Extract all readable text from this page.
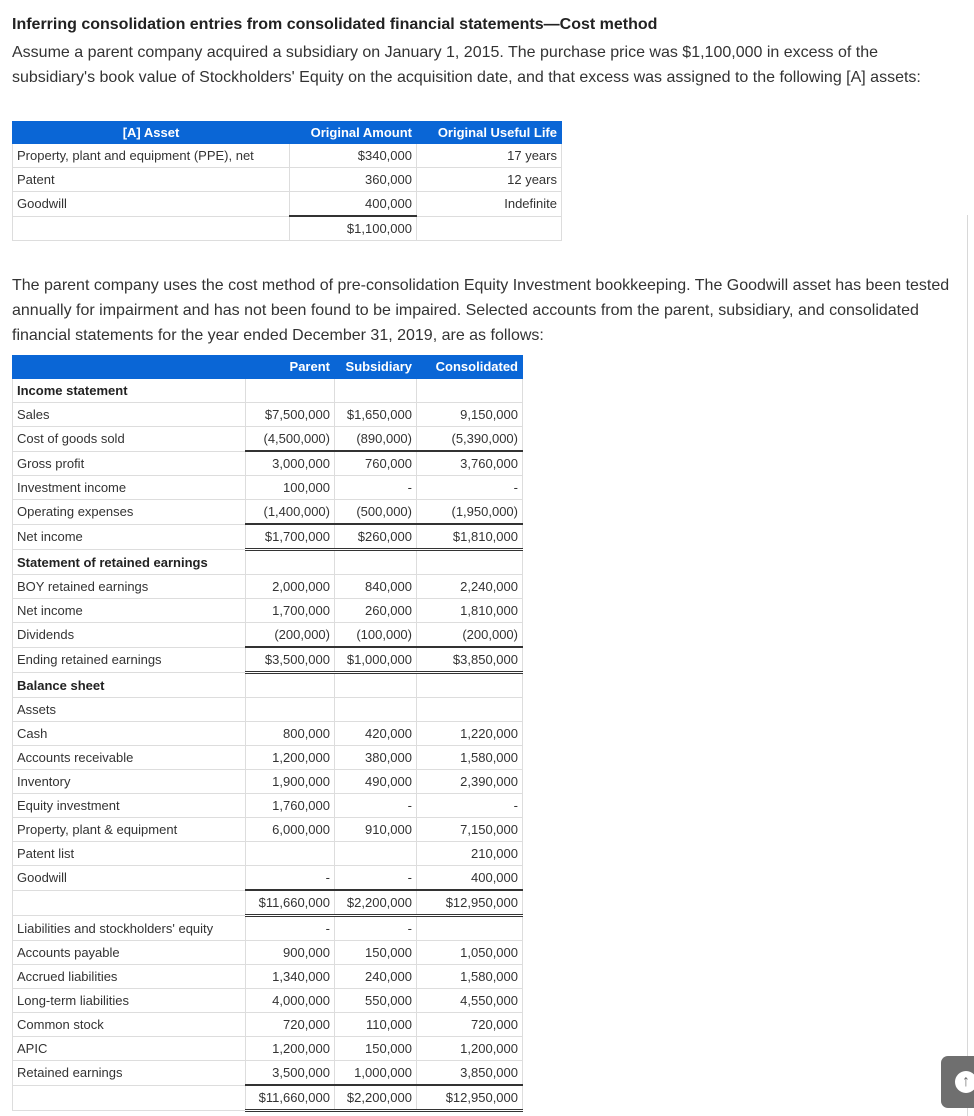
Inferring consolidation entries from consolidated financial statements—Cost method
Assume a parent company acquired a subsidiary on January 1, 2015. The purchase price was $1,100,000 in excess of the subsidiary's book value of Stockholders' Equity on the acquisition date, and that excess was assigned to the following [A] assets:
[A] Asset	Original Amount	Original Useful Life
Property, plant and equipment (PPE), net	$340,000	17 years
Patent	360,000	12 years
Goodwill	400,000	Indefinite
	$1,100,000	
The parent company uses the cost method of pre-consolidation Equity Investment bookkeeping. The Goodwill asset has been tested annually for impairment and has not been found to be impaired. Selected accounts from the parent, subsidiary, and consolidated financial statements for the year ended December 31, 2019, are as follows:
	Parent	Subsidiary	Consolidated
Income statement			
Sales	$7,500,000	$1,650,000	9,150,000
Cost of goods sold	(4,500,000)	(890,000)	(5,390,000)
Gross profit	3,000,000	760,000	3,760,000
Investment income	100,000	-	-
Operating expenses	(1,400,000)	(500,000)	(1,950,000)
Net income	$1,700,000	$260,000	$1,810,000
Statement of retained earnings			
BOY retained earnings	2,000,000	840,000	2,240,000
Net income	1,700,000	260,000	1,810,000
Dividends	(200,000)	(100,000)	(200,000)
Ending retained earnings	$3,500,000	$1,000,000	$3,850,000
Balance sheet			
Assets			
Cash	800,000	420,000	1,220,000
Accounts receivable	1,200,000	380,000	1,580,000
Inventory	1,900,000	490,000	2,390,000
Equity investment	1,760,000	-	-
Property, plant & equipment	6,000,000	910,000	7,150,000
Patent list			210,000
Goodwill	-	-	400,000
	$11,660,000	$2,200,000	$12,950,000
Liabilities and stockholders' equity	-	-	
Accounts payable	900,000	150,000	1,050,000
Accrued liabilities	1,340,000	240,000	1,580,000
Long-term liabilities	4,000,000	550,000	4,550,000
Common stock	720,000	110,000	720,000
APIC	1,200,000	150,000	1,200,000
Retained earnings	3,500,000	1,000,000	3,850,000
	$11,660,000	$2,200,000	$12,950,000
↑
